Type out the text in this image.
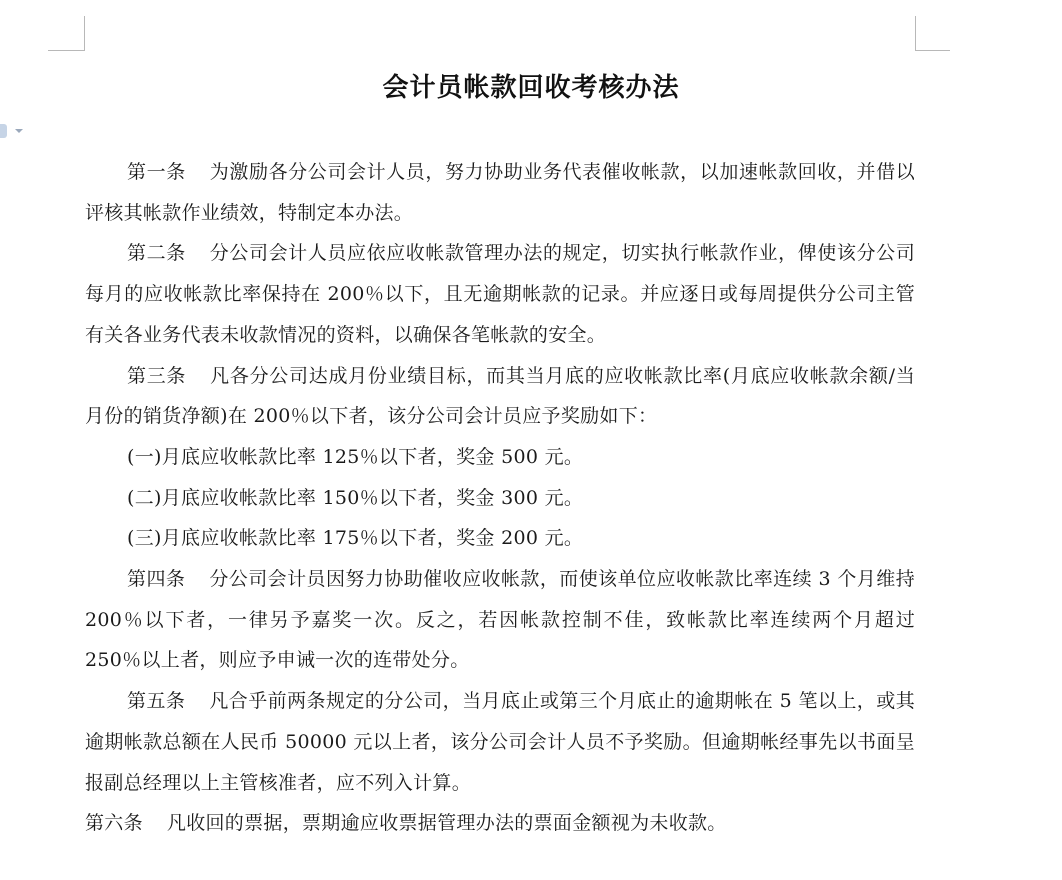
会计员帐款回收考核办法

第一条 为激励各分公司会计人员，努力协助业务代表催收帐款，以加速帐款回收，并借以评核其帐款作业绩效，特制定本办法。

第二条 分公司会计人员应依应收帐款管理办法的规定，切实执行帐款作业，俾使该分公司每月的应收帐款比率保持在 200％以下，且无逾期帐款的记录。并应逐日或每周提供分公司主管有关各业务代表未收款情况的资料，以确保各笔帐款的安全。

第三条 凡各分公司达成月份业绩目标，而其当月底的应收帐款比率(月底应收帐款余额/当月份的销货净额)在 200％以下者，该分公司会计员应予奖励如下：

(一)月底应收帐款比率 125％以下者，奖金 500 元。

(二)月底应收帐款比率 150％以下者，奖金 300 元。

(三)月底应收帐款比率 175％以下者，奖金 200 元。

第四条 分公司会计员因努力协助催收应收帐款，而使该单位应收帐款比率连续 3 个月维持 200％以下者，一律另予嘉奖一次。反之，若因帐款控制不佳，致帐款比率连续两个月超过 250％以上者，则应予申诫一次的连带处分。

第五条 凡合乎前两条规定的分公司，当月底止或第三个月底止的逾期帐在 5 笔以上，或其逾期帐款总额在人民币 50000 元以上者，该分公司会计人员不予奖励。但逾期帐经事先以书面呈报副总经理以上主管核准者，应不列入计算。

第六条 凡收回的票据，票期逾应收票据管理办法的票面金额视为未收款。
